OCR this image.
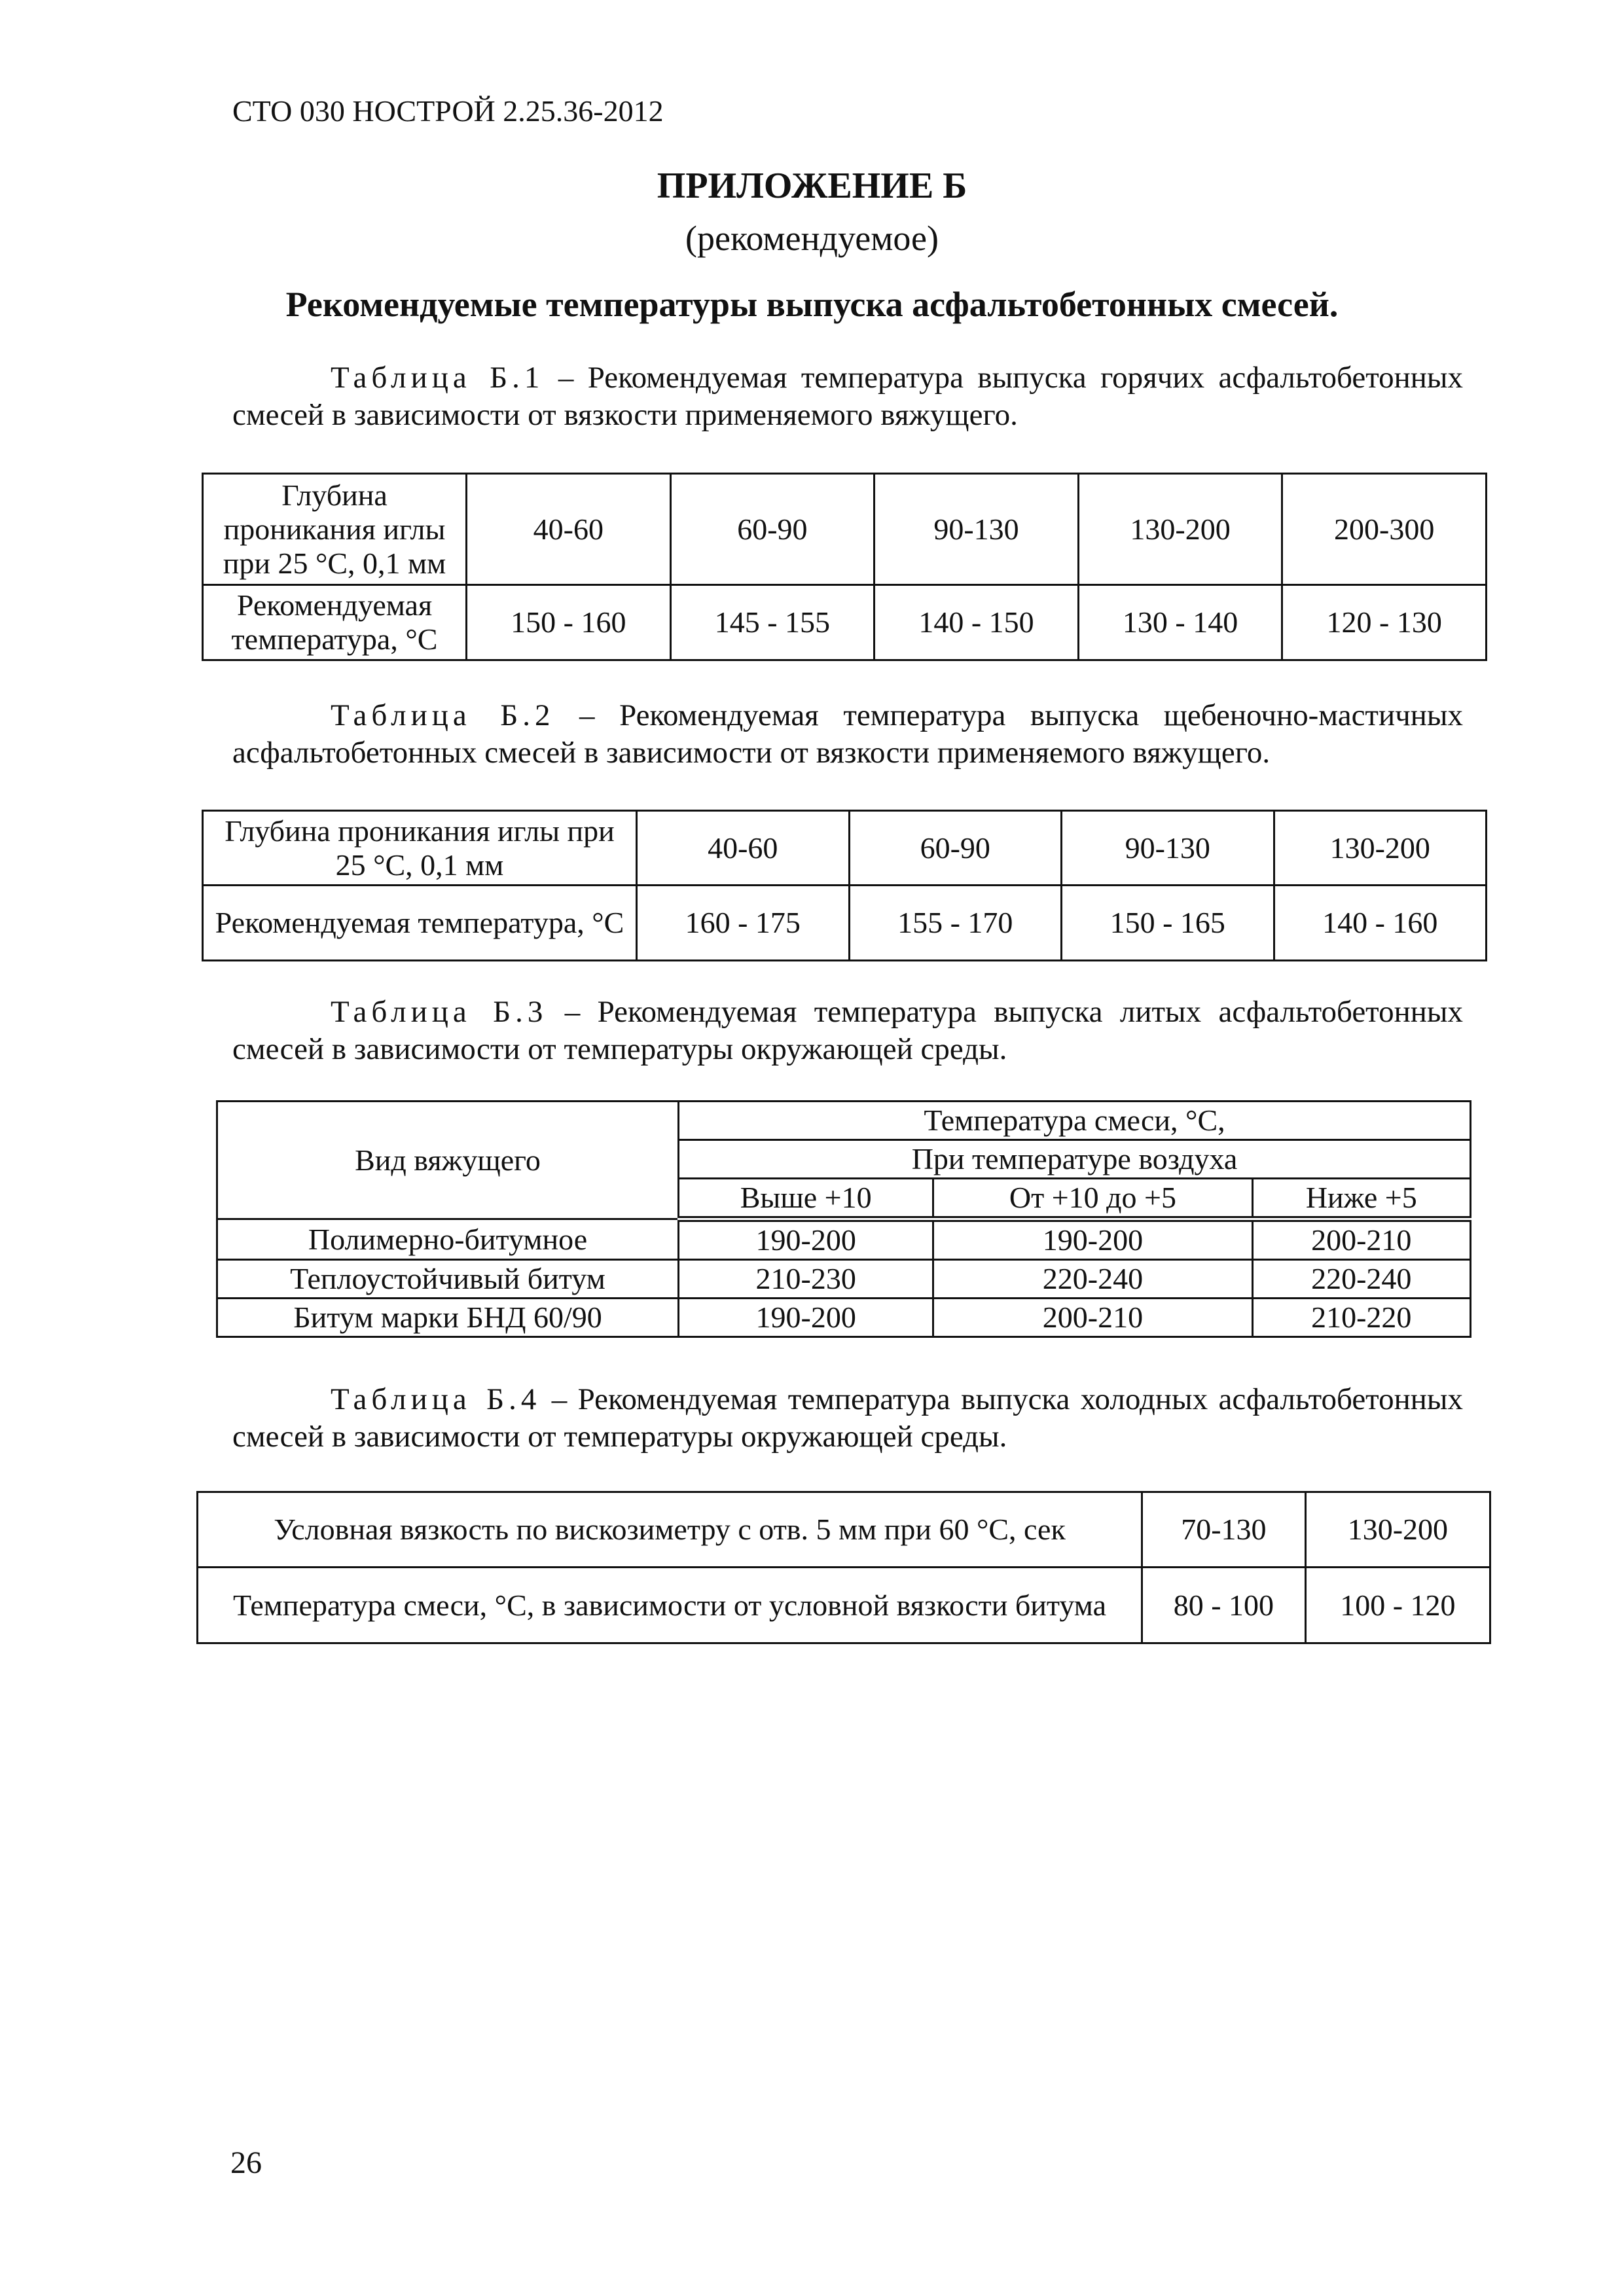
СТО 030 НОСТРОЙ 2.25.36-2012
ПРИЛОЖЕНИЕ Б
(рекомендуемое)
Рекомендуемые температуры выпуска асфальтобетонных смесей.
Таблица Б.1 – Рекомендуемая температура выпуска горячих асфальтобетонных смесей в зависимости от вязкости применяемого вяжущего.
Глубина проникания иглы при 25 °С, 0,1 мм	40-60	60-90	90-130	130-200	200-300
Рекомендуемая температура, °С	150 - 160	145 - 155	140 - 150	130 - 140	120 - 130
Таблица Б.2 – Рекомендуемая температура выпуска щебеночно-мастичных асфальтобетонных смесей в зависимости от вязкости применяемого вяжущего.
Глубина проникания иглы при 25 °С, 0,1 мм	40-60	60-90	90-130	130-200
Рекомендуемая температура, °С	160 - 175	155 - 170	150 - 165	140 - 160
Таблица Б.3 – Рекомендуемая температура выпуска литых асфальтобетонных смесей в зависимости от температуры окружающей среды.
Вид вяжущего	Температура смеси, °С,		
	При температуре воздуха		
	Выше +10	От +10 до +5	Ниже +5
Полимерно-битумное	190-200	190-200	200-210
Теплоустойчивый битум	210-230	220-240	220-240
Битум марки БНД 60/90	190-200	200-210	210-220
Таблица Б.4 – Рекомендуемая температура выпуска холодных асфальтобетонных смесей в зависимости от температуры окружающей среды.
Условная вязкость по вискозиметру с отв. 5 мм при 60 °С, сек	70-130	130-200
Температура смеси, °С, в зависимости от условной вязкости битума	80 - 100	100 - 120
26
